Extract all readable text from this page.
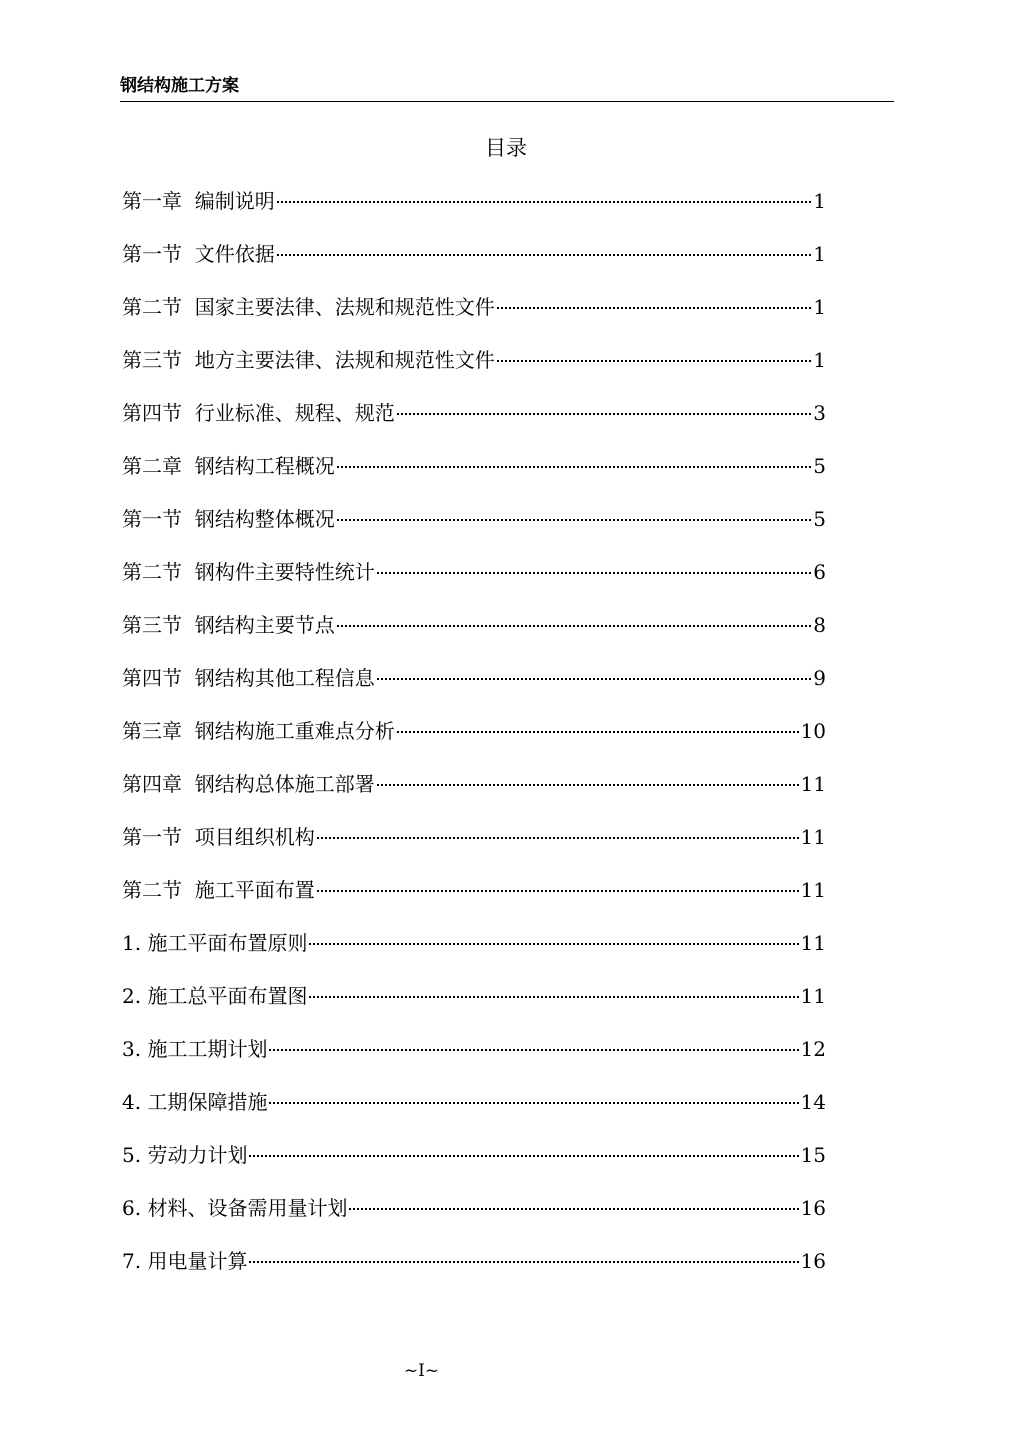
钢结构施工方案
目录
第一章 编制说明	1
第一节 文件依据	1
第二节 国家主要法律、法规和规范性文件	1
第三节 地方主要法律、法规和规范性文件	1
第四节 行业标准、规程、规范	3
第二章 钢结构工程概况	5
第一节 钢结构整体概况	5
第二节 钢构件主要特性统计	6
第三节 钢结构主要节点	8
第四节 钢结构其他工程信息	9
第三章 钢结构施工重难点分析	10
第四章 钢结构总体施工部署	11
第一节 项目组织机构	11
第二节 施工平面布置	11
1. 施工平面布置原则	11
2. 施工总平面布置图	11
3. 施工工期计划	12
4. 工期保障措施	14
5. 劳动力计划	15
6. 材料、设备需用量计划	16
7. 用电量计算	16
~I~
